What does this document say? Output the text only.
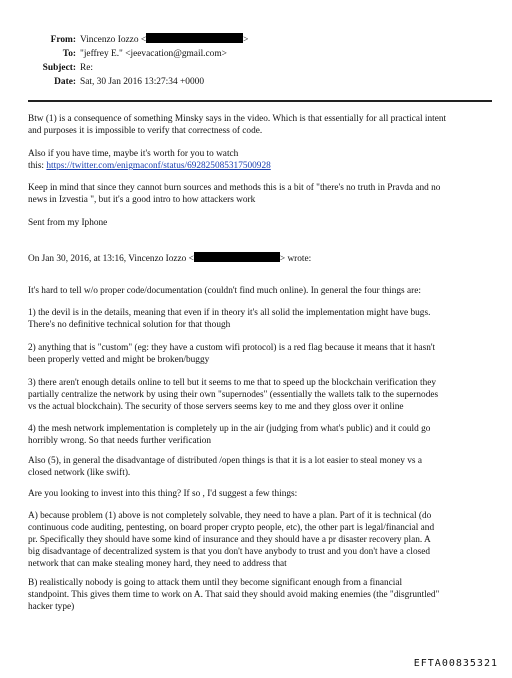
From: Vincenzo Iozzo <	>
To: "jeffrey E." <jeevacation@gmail.com>
Subject: Re:
Date: Sat, 30 Jan 2016 13:27:34 +0000

Btw (1) is a consequence of something Minsky says in the video. Which is that essentially for all practical intent

and purposes it is impossible to verify that correctness of code.

Also if you have time, maybe it's worth for you to watch

this: https://twitter.com/enigmaconf/status/692825085317500928

Keep in mind that since they cannot burn sources and methods this is a bit of "there's no truth in Pravda and no

news in Izvestia ", but it's a good intro to how attackers work

Sent from my Iphone

On Jan 30, 2016, at 13:16, Vincenzo Iozzo <	> wrote:

It's hard to tell w/o proper code/documentation (couldn't find much online). In general the four things are:

1) the devil is in the details, meaning that even if in theory it's all solid the implementation might have bugs.

There's no definitive technical solution for that though

2) anything that is "custom" (eg: they have a custom wifi protocol) is a red flag because it means that it hasn't

been properly vetted and might be broken/buggy

3) there aren't enough details online to tell but it seems to me that to speed up the blockchain verification they

partially centralize the network by using their own "supernodes" (essentially the wallets talk to the supernodes

vs the actual blockchain). The security of those servers seems key to me and they gloss over it online

4) the mesh network implementation is completely up in the air (judging from what's public) and it could go

horribly wrong. So that needs further verification

Also (5), in general the disadvantage of distributed /open things is that it is a lot easier to steal money vs a

closed network (like swift).

Are you looking to invest into this thing? If so , I'd suggest a few things:

A) because problem (1) above is not completely solvable, they need to have a plan. Part of it is technical (do

continuous code auditing, pentesting, on board proper crypto people, etc), the other part is legal/financial and

pr. Specifically they should have some kind of insurance and they should have a pr disaster recovery plan. A

big disadvantage of decentralized system is that you don't have anybody to trust and you don't have a closed

network that can make stealing money hard, they need to address that

B) realistically nobody is going to attack them until they become significant enough from a financial

standpoint. This gives them time to work on A. That said they should avoid making enemies (the "disgruntled"

hacker type)

EFTA00835321
